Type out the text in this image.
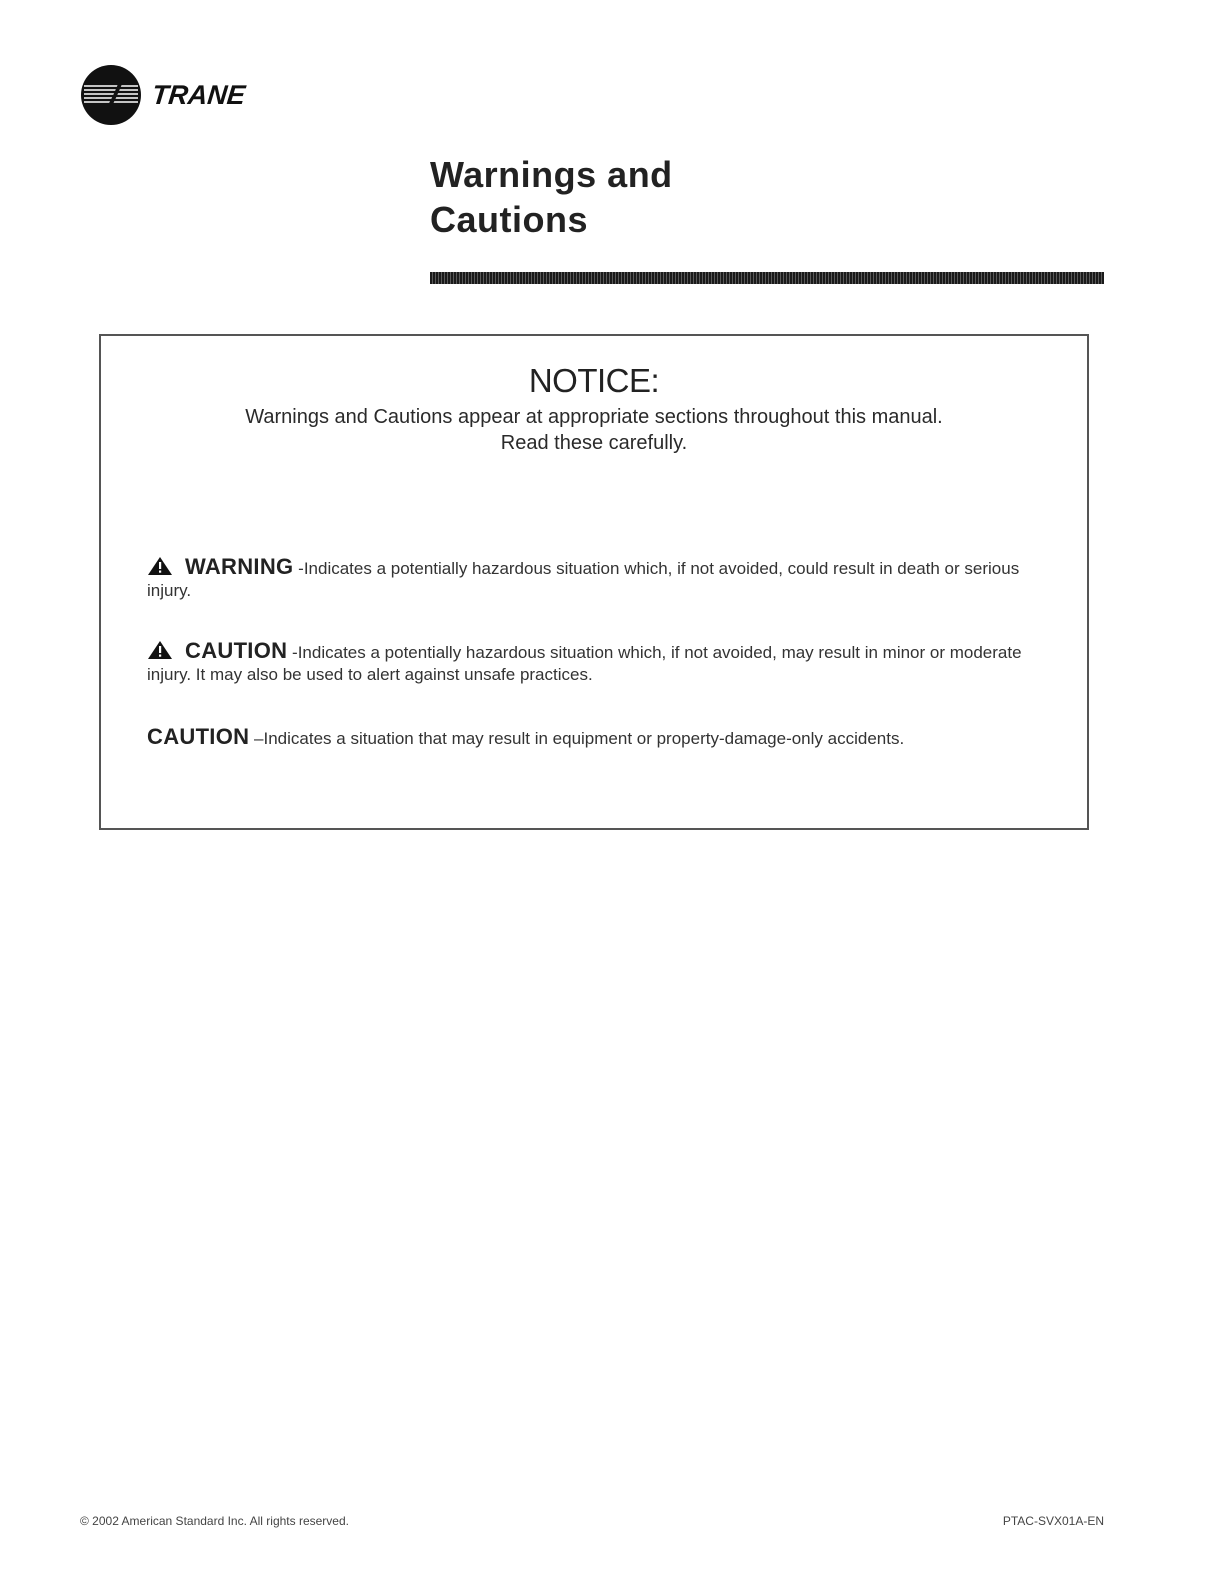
TRANE
Warnings and
Cautions
NOTICE:
Warnings and Cautions appear at appropriate sections throughout this manual.
Read these carefully.
WARNING -Indicates a potentially hazardous situation which, if not avoided, could result in death or serious injury.
CAUTION -Indicates a potentially hazardous situation which, if not avoided, may result in minor or moderate injury. It may also be used to alert against unsafe practices.
CAUTION –Indicates a situation that may result in equipment or property-damage-only accidents.
© 2002 American Standard Inc. All rights reserved.	PTAC-SVX01A-EN
